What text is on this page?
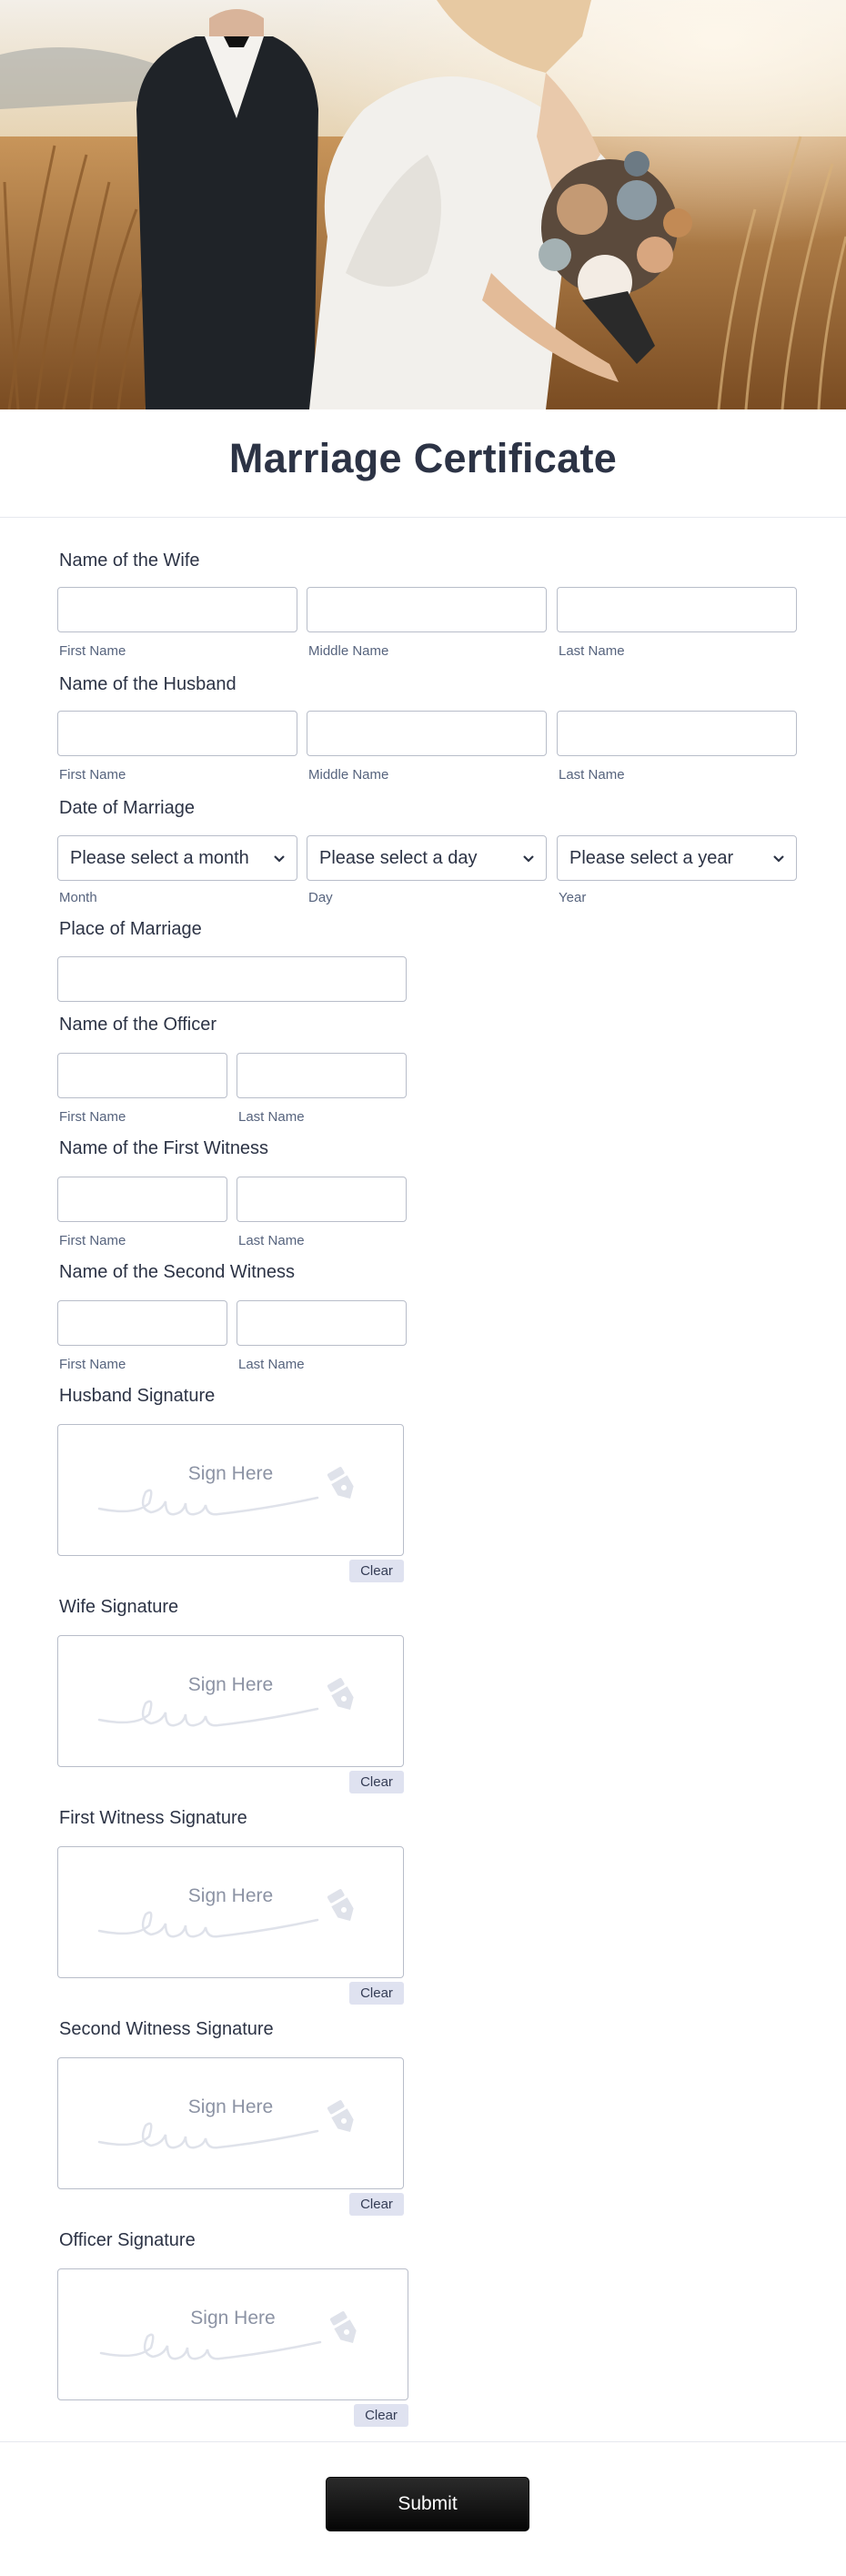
Marriage Certificate
Name of the Wife
First Name	Middle Name	Last Name
Name of the Husband
First Name	Middle Name	Last Name
Date of Marriage
Please select a month	Please select a day	Please select a year
Month	Day	Year
Place of Marriage
Name of the Officer
First Name	Last Name
Name of the First Witness
First Name	Last Name
Name of the Second Witness
First Name	Last Name
Husband Signature
Sign Here
Clear
Wife Signature
Sign Here
Clear
First Witness Signature
Sign Here
Clear
Second Witness Signature
Sign Here
Clear
Officer Signature
Sign Here
Clear
Submit
